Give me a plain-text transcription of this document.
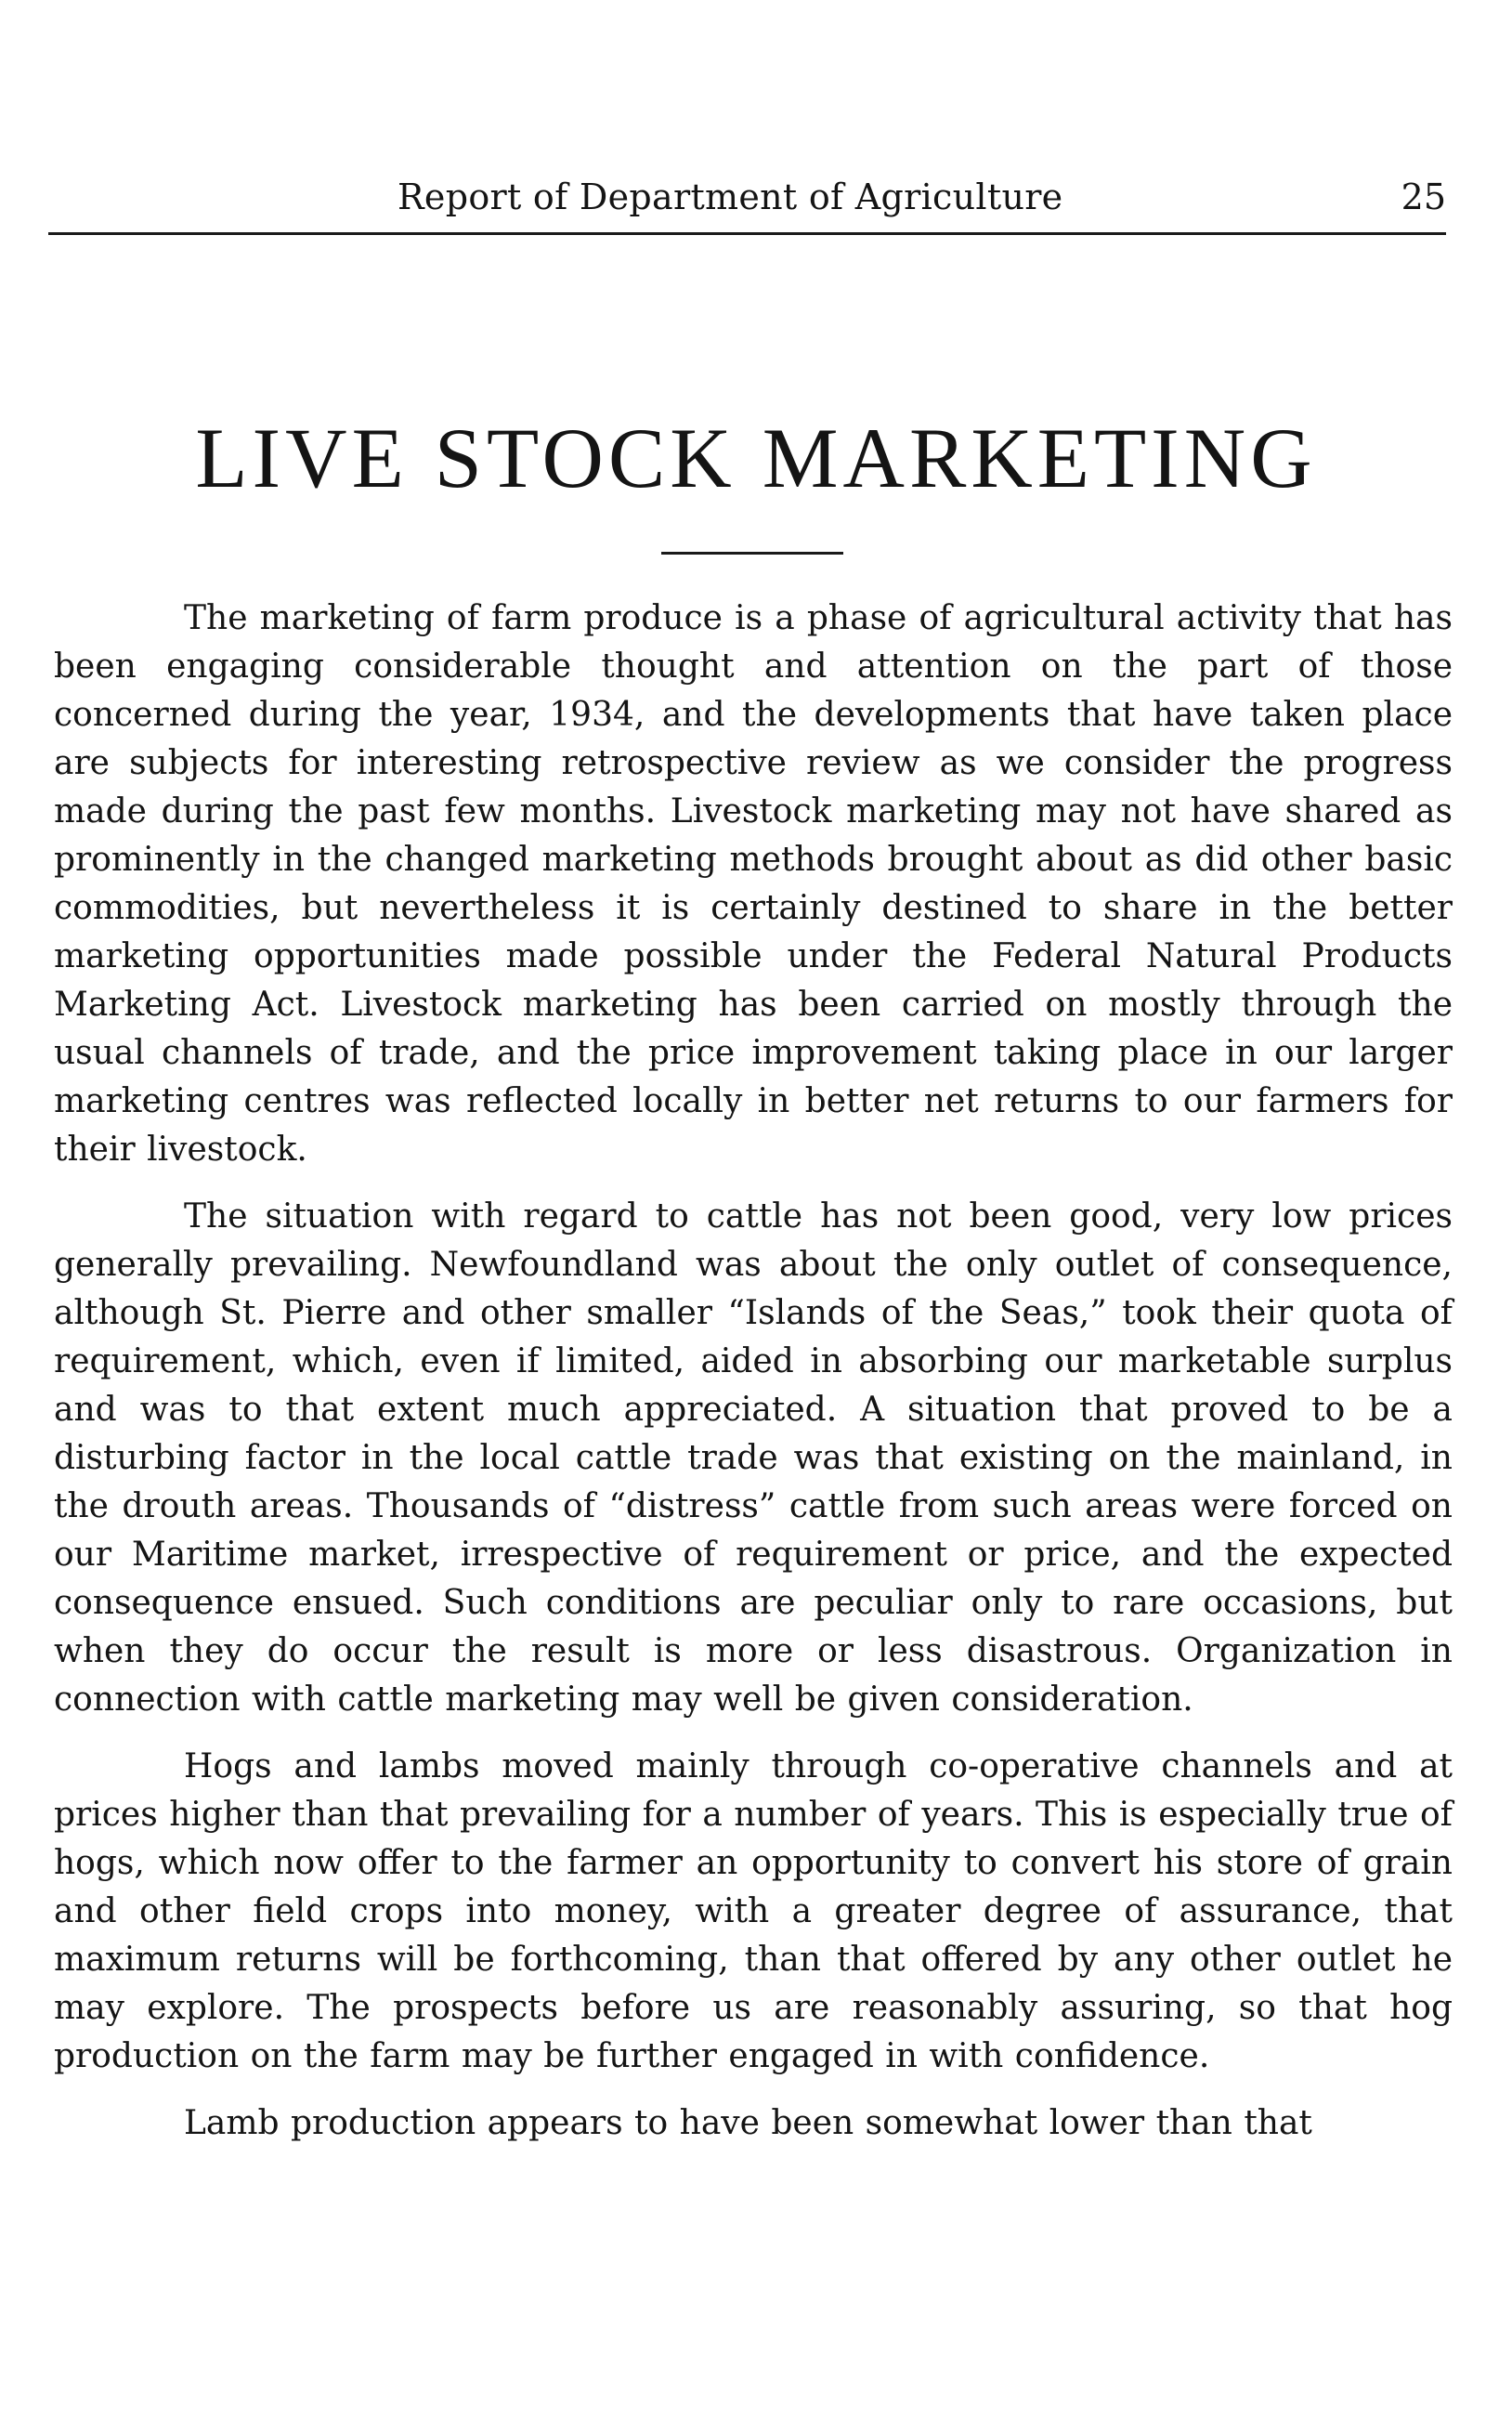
Report of Department of Agriculture	25
LIVE STOCK MARKETING

The marketing of farm produce is a phase of agricultural activity that has been engaging considerable thought and attention on the part of those concerned during the year, 1934, and the developments that have taken place are subjects for interesting retrospective review as we consider the progress made during the past few months. Livestock marketing may not have shared as prominently in the changed marketing methods brought about as did other basic commodities, but nevertheless it is certainly destined to share in the better marketing opportunities made possible under the Federal Natural Products Marketing Act. Livestock marketing has been carried on mostly through the usual channels of trade, and the price improvement taking place in our larger marketing centres was reflected locally in better net returns to our farmers for their livestock.

The situation with regard to cattle has not been good, very low prices generally prevailing. Newfoundland was about the only outlet of consequence, although St. Pierre and other smaller “Islands of the Seas,” took their quota of requirement, which, even if limited, aided in absorbing our marketable surplus and was to that extent much appreciated. A situation that proved to be a disturbing factor in the local cattle trade was that existing on the mainland, in the drouth areas. Thousands of “distress” cattle from such areas were forced on our Maritime market, irrespective of requirement or price, and the expected consequence ensued. Such conditions are peculiar only to rare occasions, but when they do occur the result is more or less disastrous. Organization in connection with cattle marketing may well be given consideration.

Hogs and lambs moved mainly through co-operative channels and at prices higher than that prevailing for a number of years. This is especially true of hogs, which now offer to the farmer an opportunity to convert his store of grain and other field crops into money, with a greater degree of assurance, that maximum returns will be forthcoming, than that offered by any other outlet he may explore. The prospects before us are reasonably assuring, so that hog production on the farm may be further engaged in with confidence.

Lamb production appears to have been somewhat lower than that
